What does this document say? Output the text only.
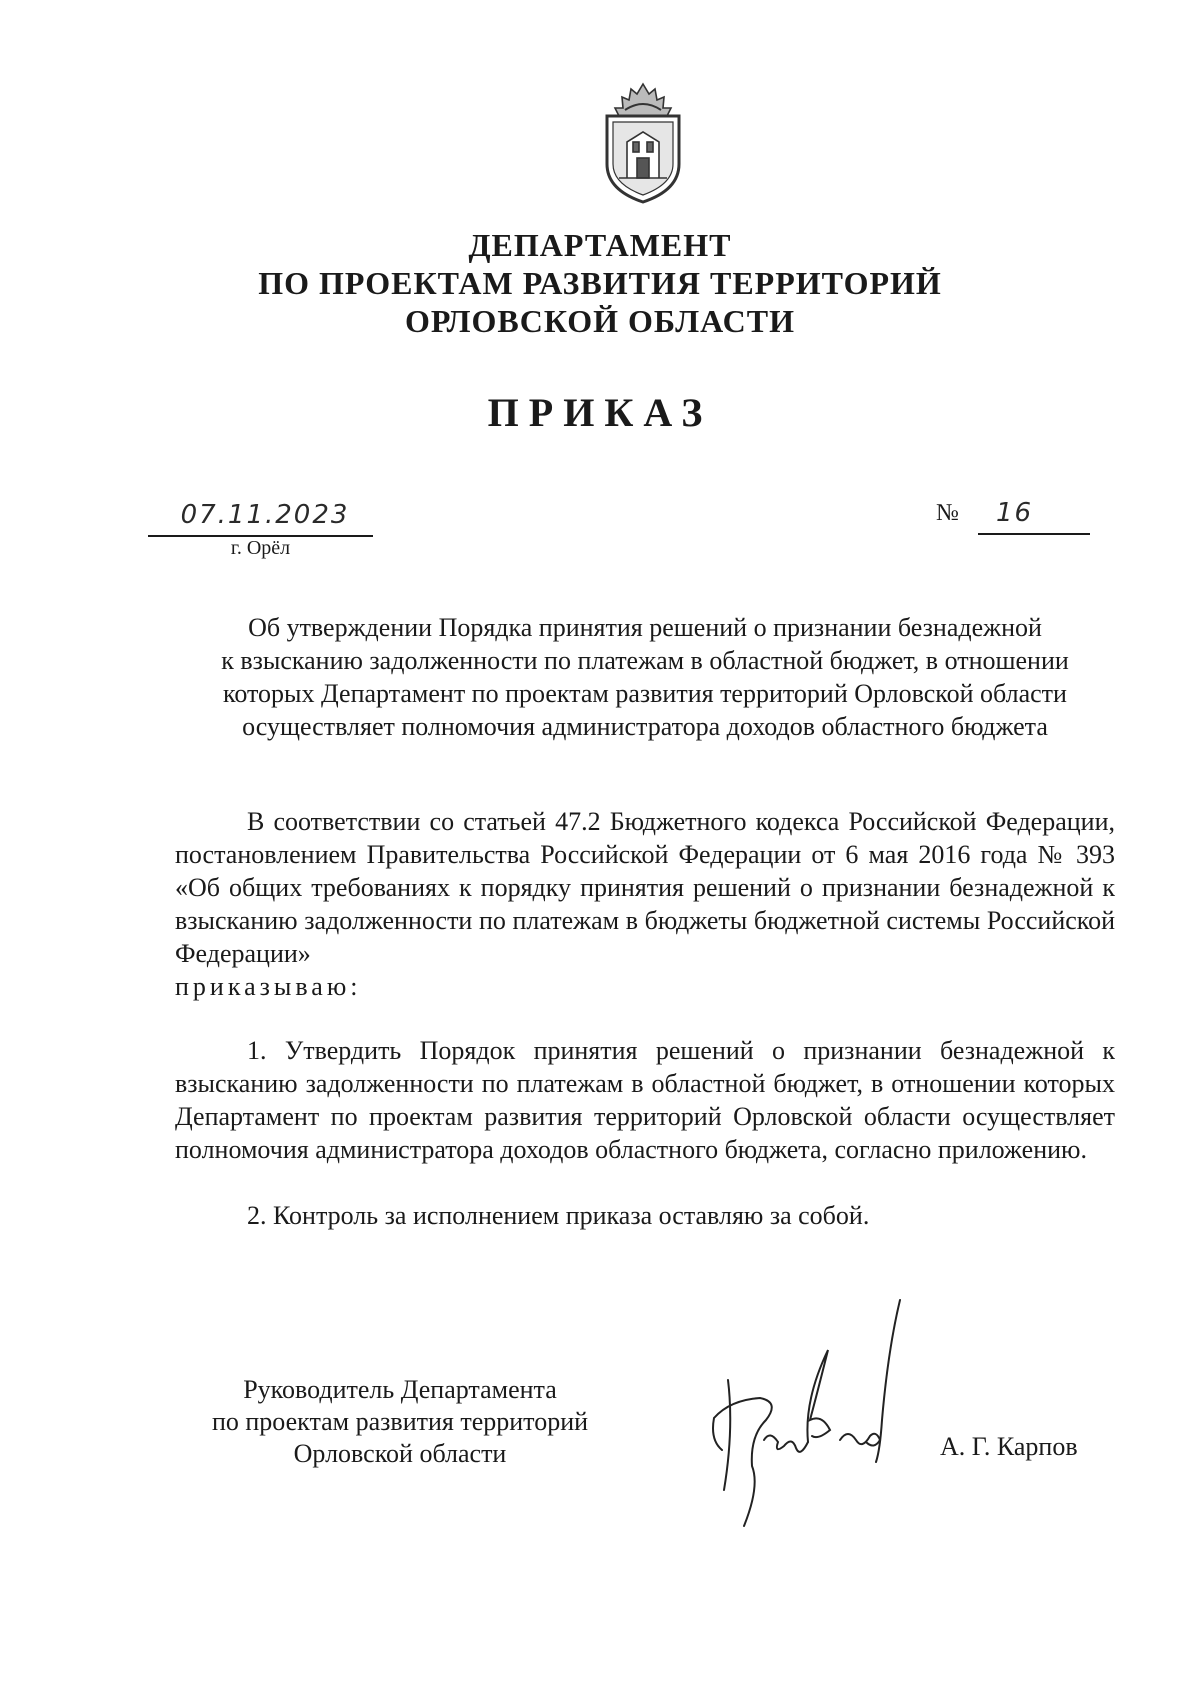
ДЕПАРТАМЕНТ
ПО ПРОЕКТАМ РАЗВИТИЯ ТЕРРИТОРИЙ
ОРЛОВСКОЙ ОБЛАСТИ
ПРИКАЗ
07.11.2023
г. Орёл
№ 16
Об утверждении Порядка принятия решений о признании безнадежной
к взысканию задолженности по платежам в областной бюджет, в отношении
которых Департамент по проектам развития территорий Орловской области
осуществляет полномочия администратора доходов областного бюджета
В соответствии со статьей 47.2 Бюджетного кодекса Российской Федерации, постановлением Правительства Российской Федерации от 6 мая 2016 года № 393 «Об общих требованиях к порядку принятия решений о признании безнадежной к взысканию задолженности по платежам в бюджеты бюджетной системы Российской Федерации»
приказываю:
1. Утвердить Порядок принятия решений о признании безнадежной к взысканию задолженности по платежам в областной бюджет, в отношении которых Департамент по проектам развития территорий Орловской области осуществляет полномочия администратора доходов областного бюджета, согласно приложению.
2. Контроль за исполнением приказа оставляю за собой.
Руководитель Департамента
по проектам развития территорий
Орловской области	А. Г. Карпов
